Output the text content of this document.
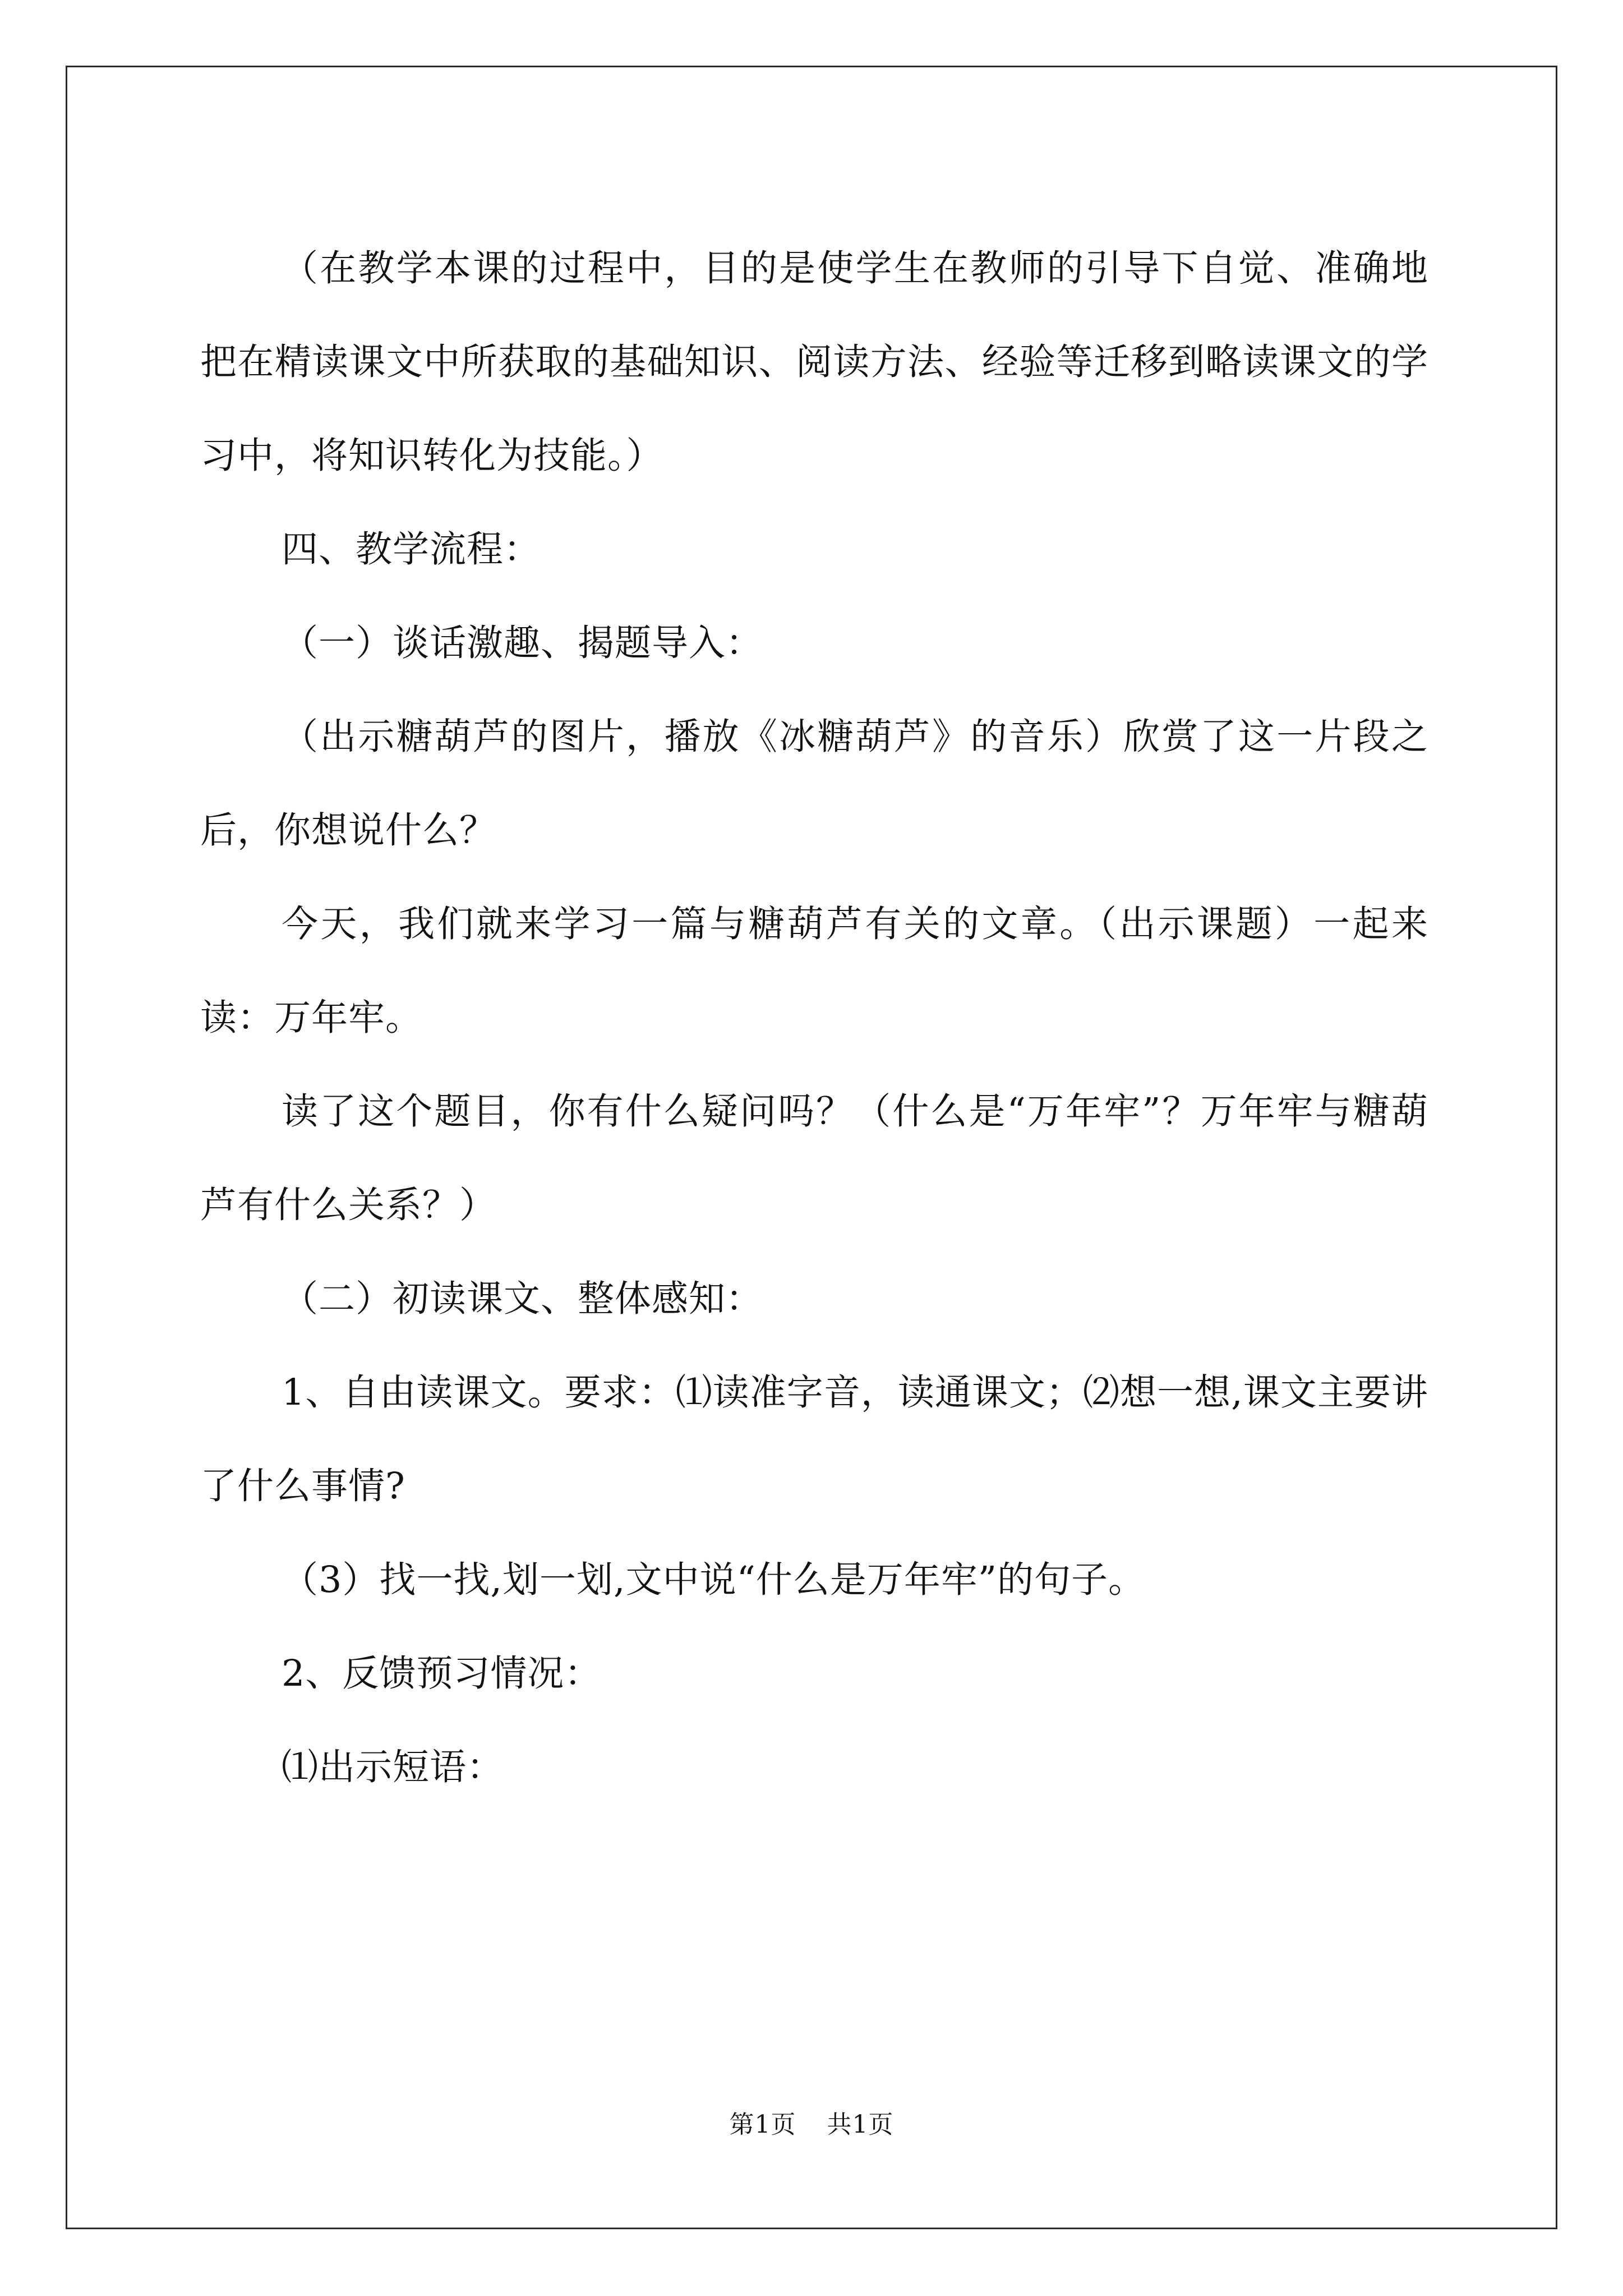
（在教学本课的过程中，目的是使学生在教师的引导下自觉、准确地把在精读课文中所获取的基础知识、阅读方法、经验等迁移到略读课文的学习中，将知识转化为技能。）

四、教学流程：

（一）谈话激趣、揭题导入：

（出示糖葫芦的图片，播放《冰糖葫芦》的音乐）欣赏了这一片段之后，你想说什么？

今天，我们就来学习一篇与糖葫芦有关的文章。（出示课题）一起来读：万年牢。

读了这个题目，你有什么疑问吗？（什么是“万年牢”？万年牢与糖葫芦有什么关系？）

（二）初读课文、整体感知：

1、自由读课文。要求：⑴读准字音，读通课文；⑵想一想,课文主要讲了什么事情?

（3）找一找,划一划,文中说“什么是万年牢”的句子。

2、反馈预习情况：

⑴出示短语：

第1页 共1页
